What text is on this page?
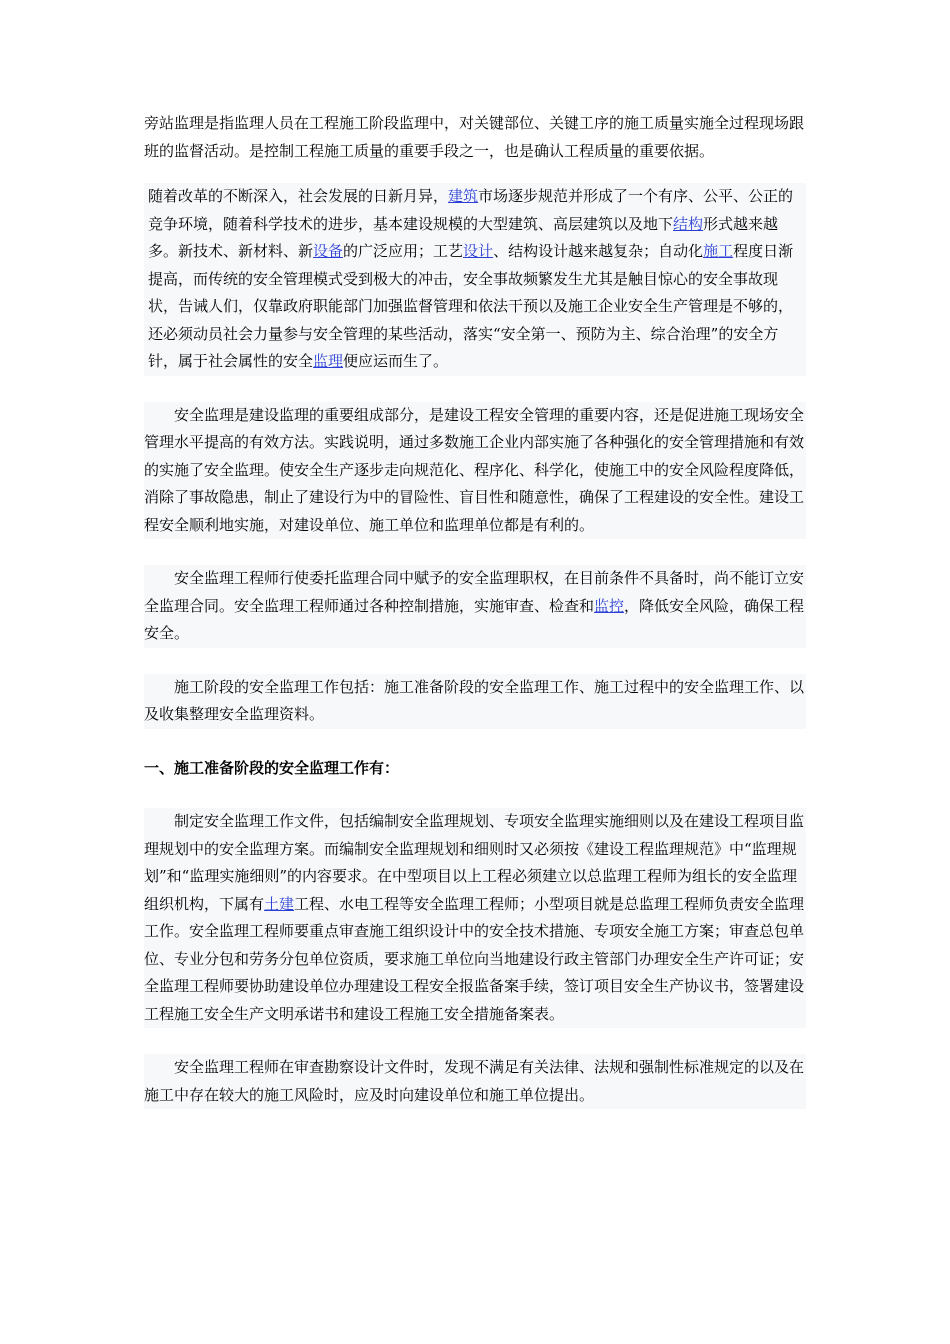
旁站监理是指监理人员在工程施工阶段监理中，对关键部位、关键工序的施工质量实施全过程现场跟班的监督活动。是控制工程施工质量的重要手段之一，也是确认工程质量的重要依据。

随着改革的不断深入，社会发展的日新月异，建筑市场逐步规范并形成了一个有序、公平、公正的竞争环境，随着科学技术的进步，基本建设规模的大型建筑、高层建筑以及地下结构形式越来越多。新技术、新材料、新设备的广泛应用；工艺设计、结构设计越来越复杂；自动化施工程度日渐提高，而传统的安全管理模式受到极大的冲击，安全事故频繁发生尤其是触目惊心的安全事故现状，告诫人们，仅靠政府职能部门加强监督管理和依法干预以及施工企业安全生产管理是不够的，还必须动员社会力量参与安全管理的某些活动，落实“安全第一、预防为主、综合治理”的安全方针，属于社会属性的安全监理便应运而生了。

安全监理是建设监理的重要组成部分，是建设工程安全管理的重要内容，还是促进施工现场安全管理水平提高的有效方法。实践说明，通过多数施工企业内部实施了各种强化的安全管理措施和有效的实施了安全监理。使安全生产逐步走向规范化、程序化、科学化，使施工中的安全风险程度降低，消除了事故隐患，制止了建设行为中的冒险性、盲目性和随意性，确保了工程建设的安全性。建设工程安全顺利地实施，对建设单位、施工单位和监理单位都是有利的。

安全监理工程师行使委托监理合同中赋予的安全监理职权，在目前条件不具备时，尚不能订立安全监理合同。安全监理工程师通过各种控制措施，实施审查、检查和监控，降低安全风险，确保工程安全。

施工阶段的安全监理工作包括：施工准备阶段的安全监理工作、施工过程中的安全监理工作、以及收集整理安全监理资料。

一、施工准备阶段的安全监理工作有：

制定安全监理工作文件，包括编制安全监理规划、专项安全监理实施细则以及在建设工程项目监理规划中的安全监理方案。而编制安全监理规划和细则时又必须按《建设工程监理规范》中“监理规划”和“监理实施细则”的内容要求。在中型项目以上工程必须建立以总监理工程师为组长的安全监理组织机构，下属有土建工程、水电工程等安全监理工程师；小型项目就是总监理工程师负责安全监理工作。安全监理工程师要重点审查施工组织设计中的安全技术措施、专项安全施工方案；审查总包单位、专业分包和劳务分包单位资质，要求施工单位向当地建设行政主管部门办理安全生产许可证；安全监理工程师要协助建设单位办理建设工程安全报监备案手续，签订项目安全生产协议书，签署建设工程施工安全生产文明承诺书和建设工程施工安全措施备案表。

安全监理工程师在审查勘察设计文件时，发现不满足有关法律、法规和强制性标准规定的以及在施工中存在较大的施工风险时，应及时向建设单位和施工单位提出。
